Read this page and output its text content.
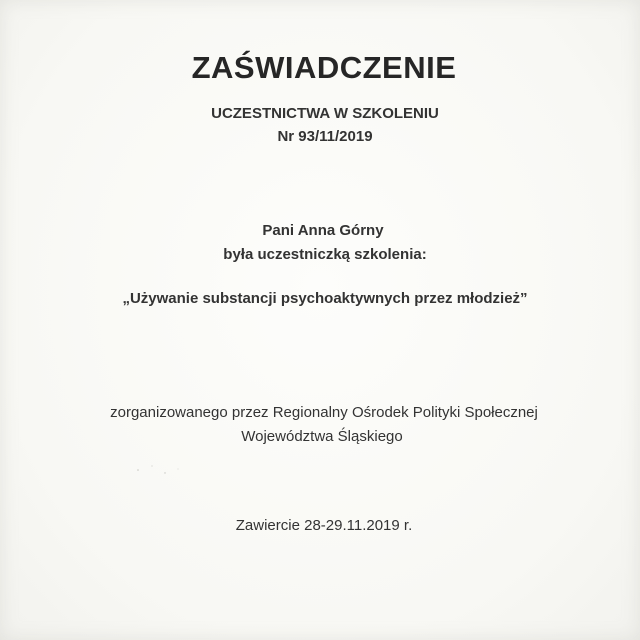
ZAŚWIADCZENIE
UCZESTNICTWA W SZKOLENIU
Nr 93/11/2019
Pani Anna Górny
była uczestniczką szkolenia:
„Używanie substancji psychoaktywnych przez młodzież”
zorganizowanego przez Regionalny Ośrodek Polityki Społecznej
Województwa Śląskiego
Zawiercie 28-29.11.2019 r.
